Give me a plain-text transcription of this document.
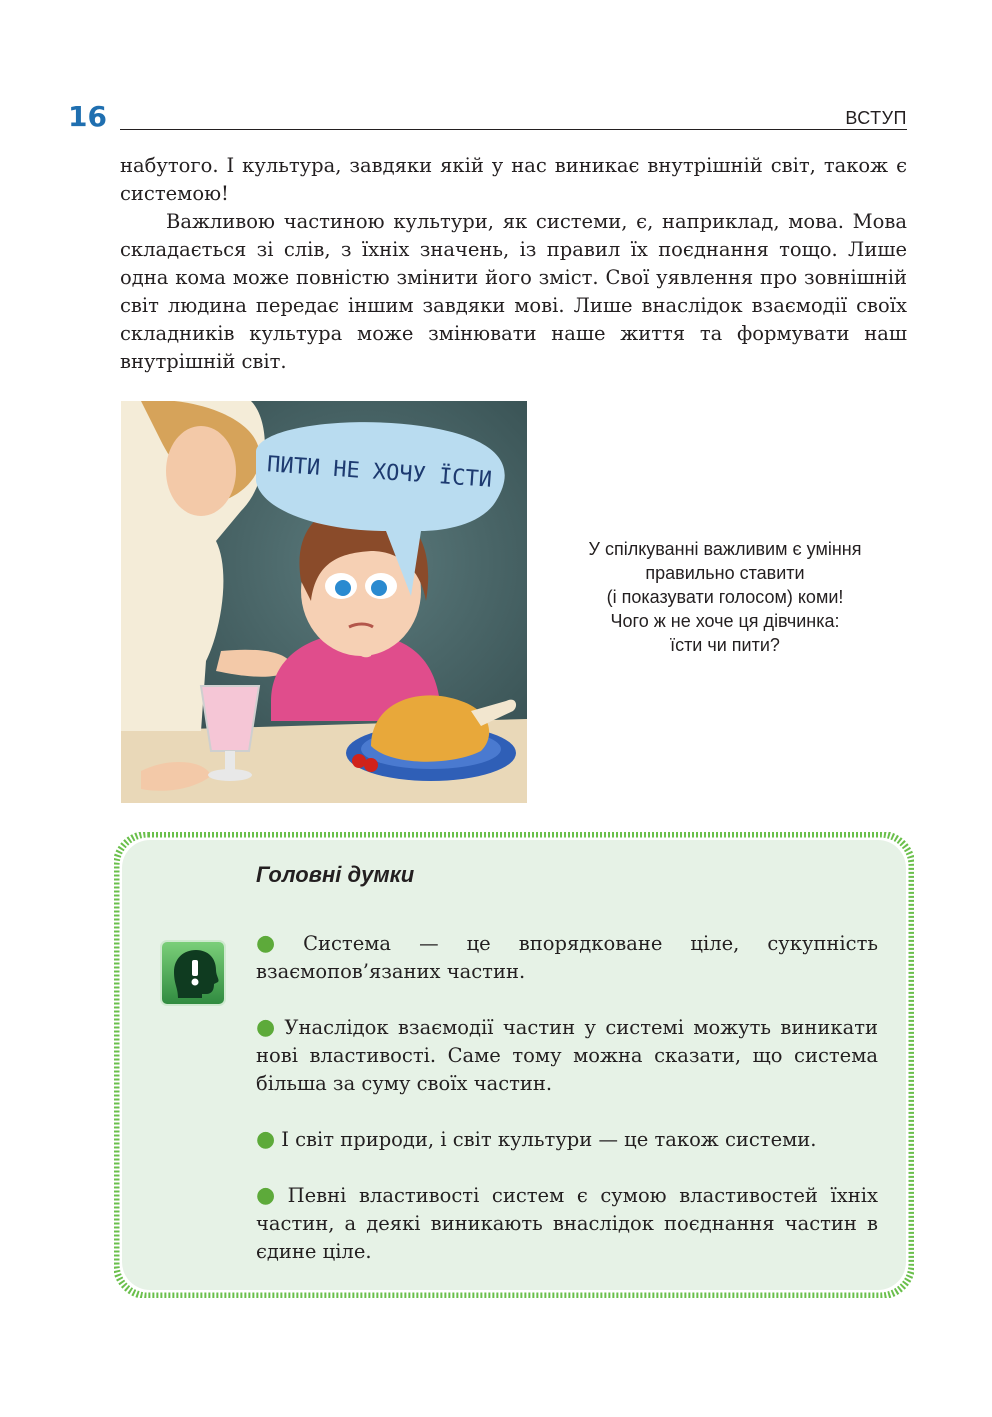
16	ВСТУП

набутого. І культура, завдяки якій у нас виникає внутрішній світ, також є системою!

Важливою частиною культури, як системи, є, наприклад, мова. Мова складається зі слів, з їхніх значень, із правил їх поєднання тощо. Лише одна кома може повністю змінити його зміст. Свої уявлення про зовнішній світ людина передає іншим завдяки мові. Лише внаслідок взаємодії своїх складників культура може змінювати наше життя та формувати наш внутрішній світ.

ПИТИ НЕ ХОЧУ ЇСТИ
У спілкуванні важливим є уміння
правильно ставити
(і показувати голосом) коми!
Чого ж не хоче ця дівчинка:
їсти чи пити?
Головні думки

● Система — це впорядковане ціле, сукупність взаємопов’язаних частин.

● Унаслідок взаємодії частин у системі можуть виникати нові властивості. Саме тому можна сказати, що система більша за суму своїх частин.

● І світ природи, і світ культури — це також системи.

● Певні властивості систем є сумою властивостей їхніх частин, а деякі виникають внаслідок поєднання частин в єдине ціле.
